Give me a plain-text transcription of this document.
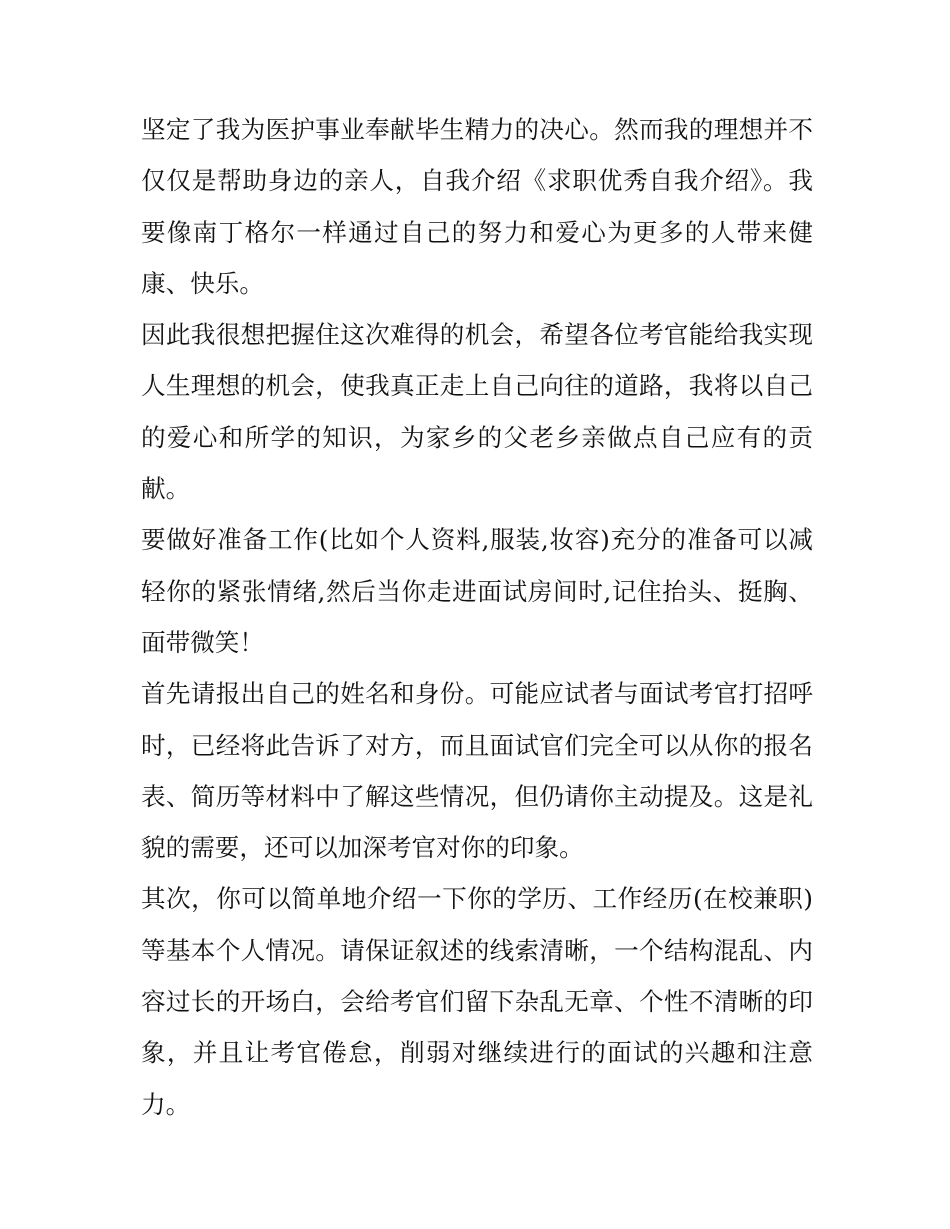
坚定了我为医护事业奉献毕生精力的决心。然而我的理想并不仅仅是帮助身边的亲人，自我介绍《求职优秀自我介绍》。我要像南丁格尔一样通过自己的努力和爱心为更多的人带来健康、快乐。

因此我很想把握住这次难得的机会，希望各位考官能给我实现人生理想的机会，使我真正走上自己向往的道路，我将以自己的爱心和所学的知识，为家乡的父老乡亲做点自己应有的贡献。

要做好准备工作(比如个人资料,服装,妆容)充分的准备可以减轻你的紧张情绪,然后当你走进面试房间时,记住抬头、挺胸、面带微笑！

首先请报出自己的姓名和身份。可能应试者与面试考官打招呼时，已经将此告诉了对方，而且面试官们完全可以从你的报名表、简历等材料中了解这些情况，但仍请你主动提及。这是礼貌的需要，还可以加深考官对你的印象。

其次，你可以简单地介绍一下你的学历、工作经历(在校兼职)等基本个人情况。请保证叙述的线索清晰，一个结构混乱、内容过长的开场白，会给考官们留下杂乱无章、个性不清晰的印象，并且让考官倦怠，削弱对继续进行的面试的兴趣和注意力。
